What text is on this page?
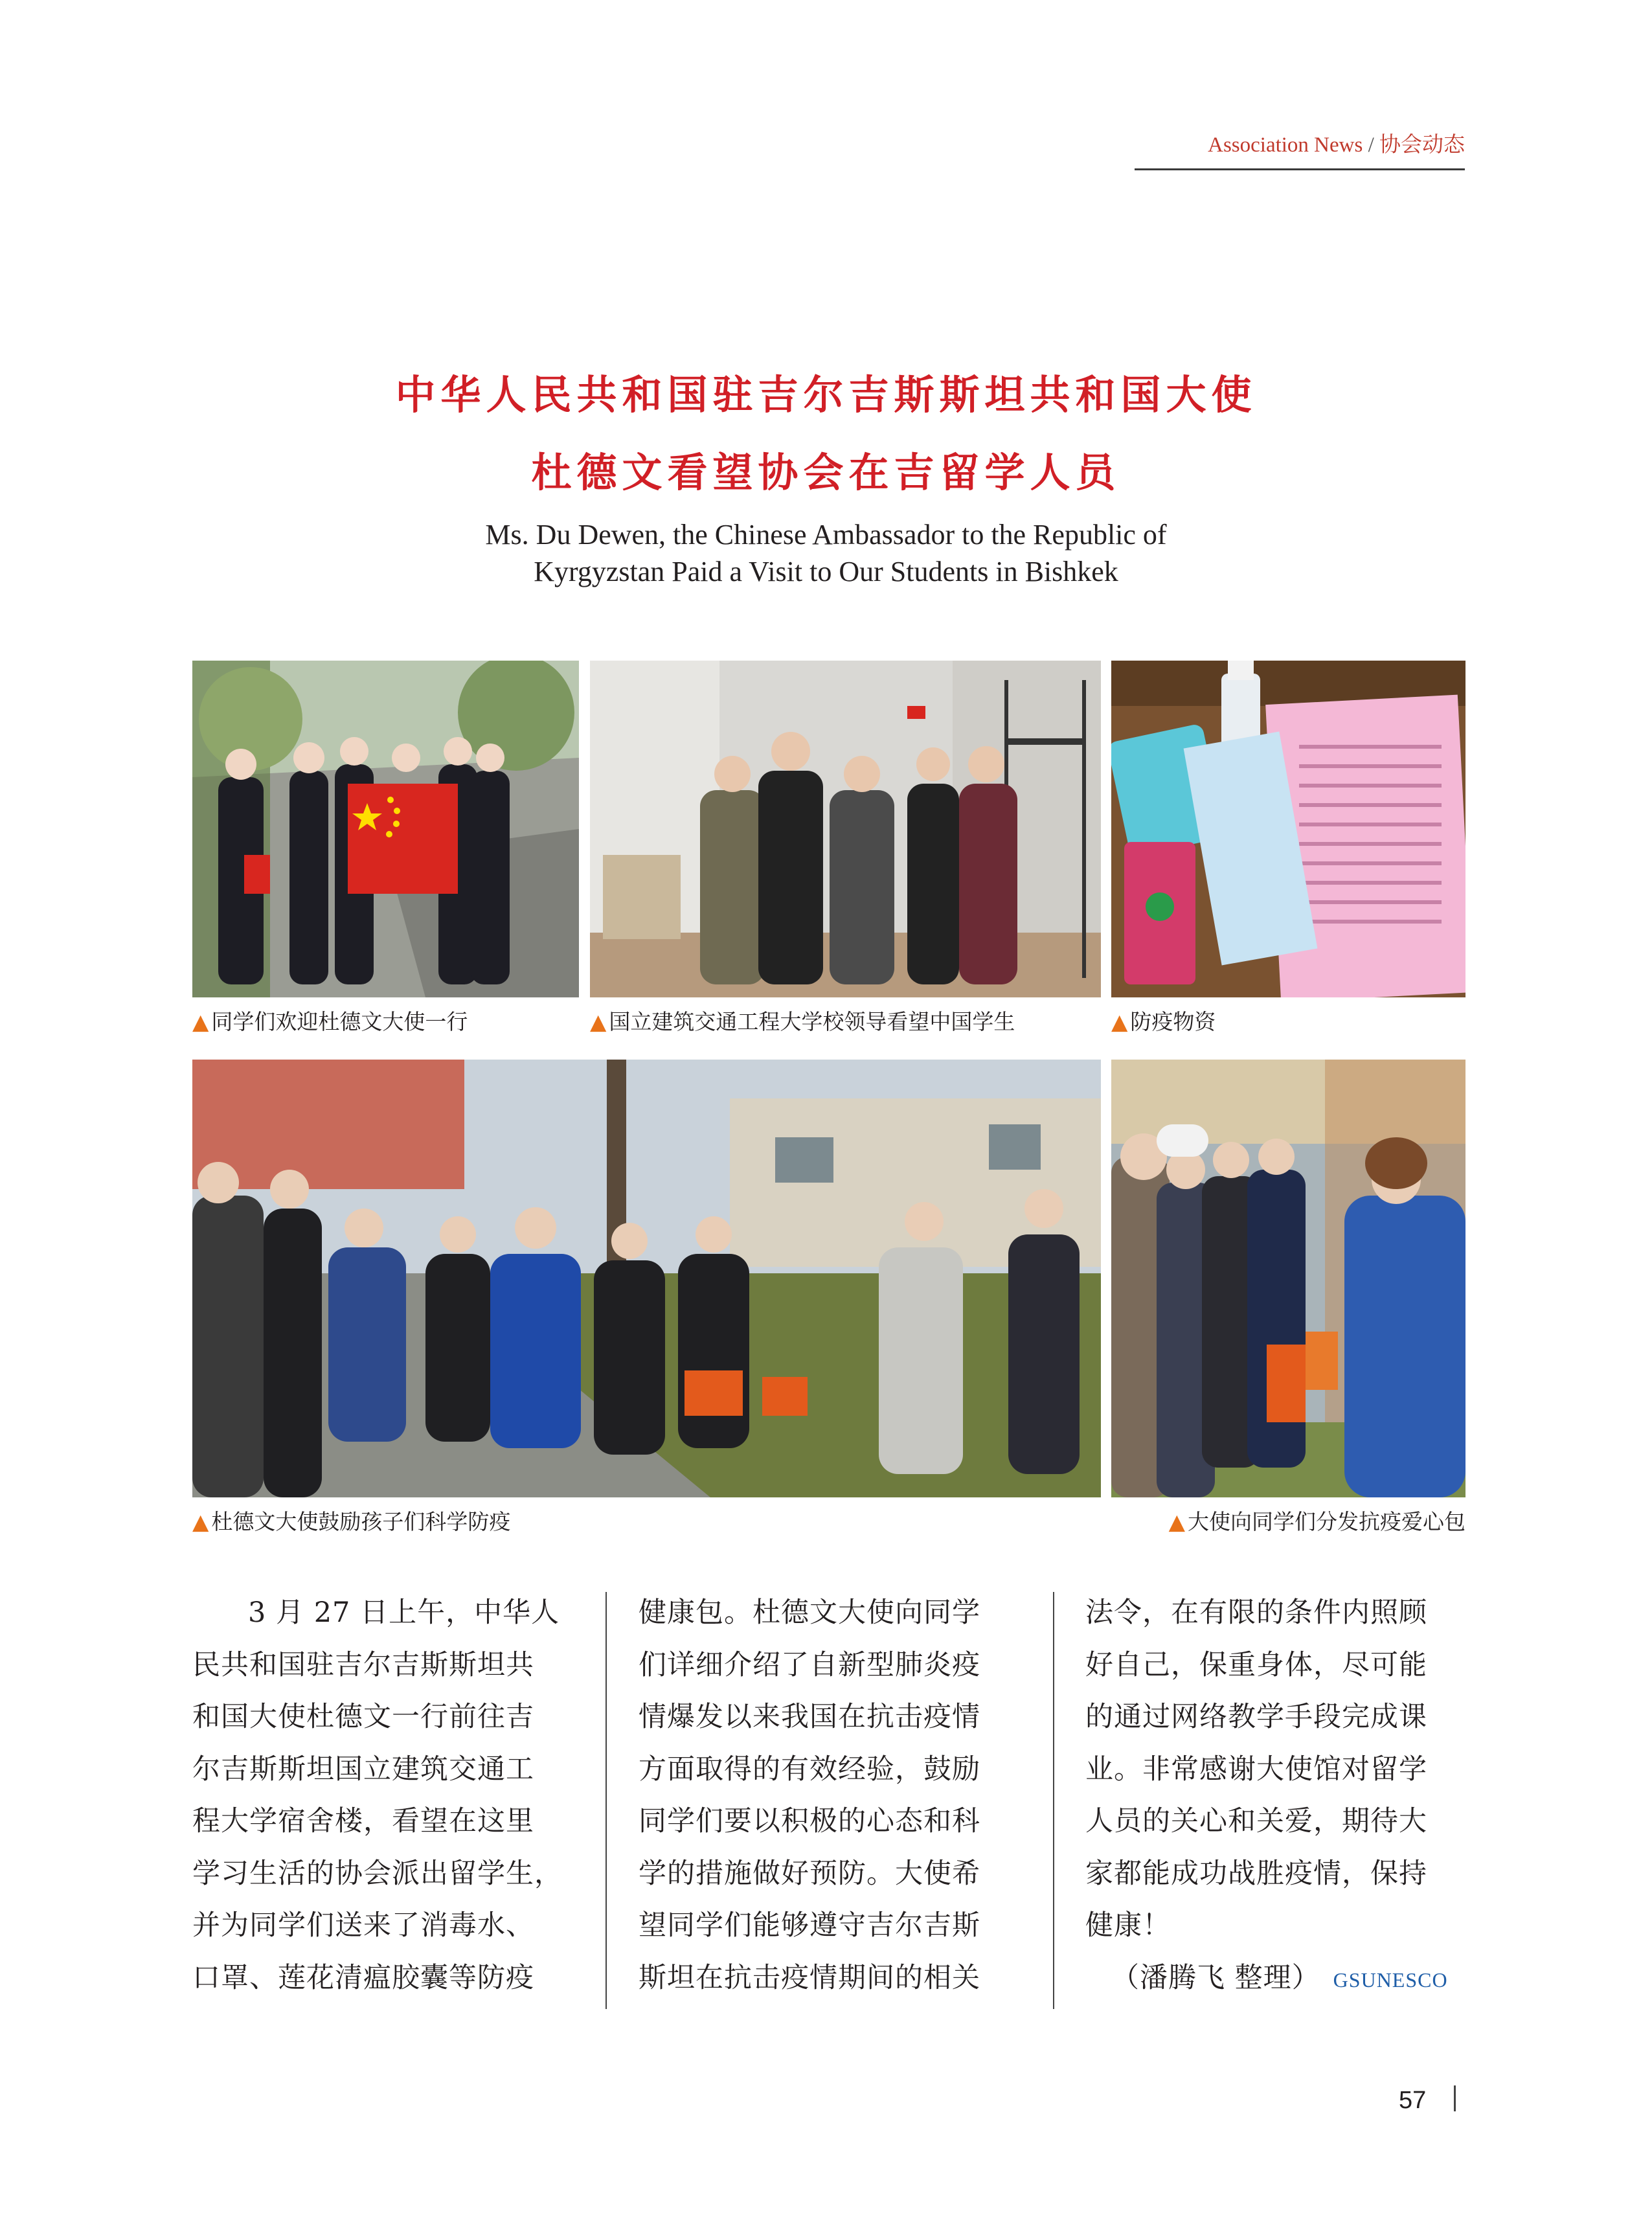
Association News / 协会动态
中华人民共和国驻吉尔吉斯斯坦共和国大使
杜德文看望协会在吉留学人员
Ms. Du Dewen, the Chinese Ambassador to the Republic of
Kyrgyzstan Paid a Visit to Our Students in Bishkek
▲ 同学们欢迎杜德文大使一行	▲ 国立建筑交通工程大学校领导看望中国学生	▲ 防疫物资
▲ 杜德文大使鼓励孩子们科学防疫	▲ 大使向同学们分发抗疫爱心包
3 月 27 日上午，中华人
民共和国驻吉尔吉斯斯坦共
和国大使杜德文一行前往吉
尔吉斯斯坦国立建筑交通工
程大学宿舍楼，看望在这里
学习生活的协会派出留学生，
并为同学们送来了消毒水、
口罩、莲花清瘟胶囊等防疫
健康包。杜德文大使向同学
们详细介绍了自新型肺炎疫
情爆发以来我国在抗击疫情
方面取得的有效经验，鼓励
同学们要以积极的心态和科
学的措施做好预防。大使希
望同学们能够遵守吉尔吉斯
斯坦在抗击疫情期间的相关
法令，在有限的条件内照顾
好自己，保重身体，尽可能
的通过网络教学手段完成课
业。非常感谢大使馆对留学
人员的关心和关爱，期待大
家都能成功战胜疫情，保持
健康！
（潘腾飞 整理） GSUNESCO
57
